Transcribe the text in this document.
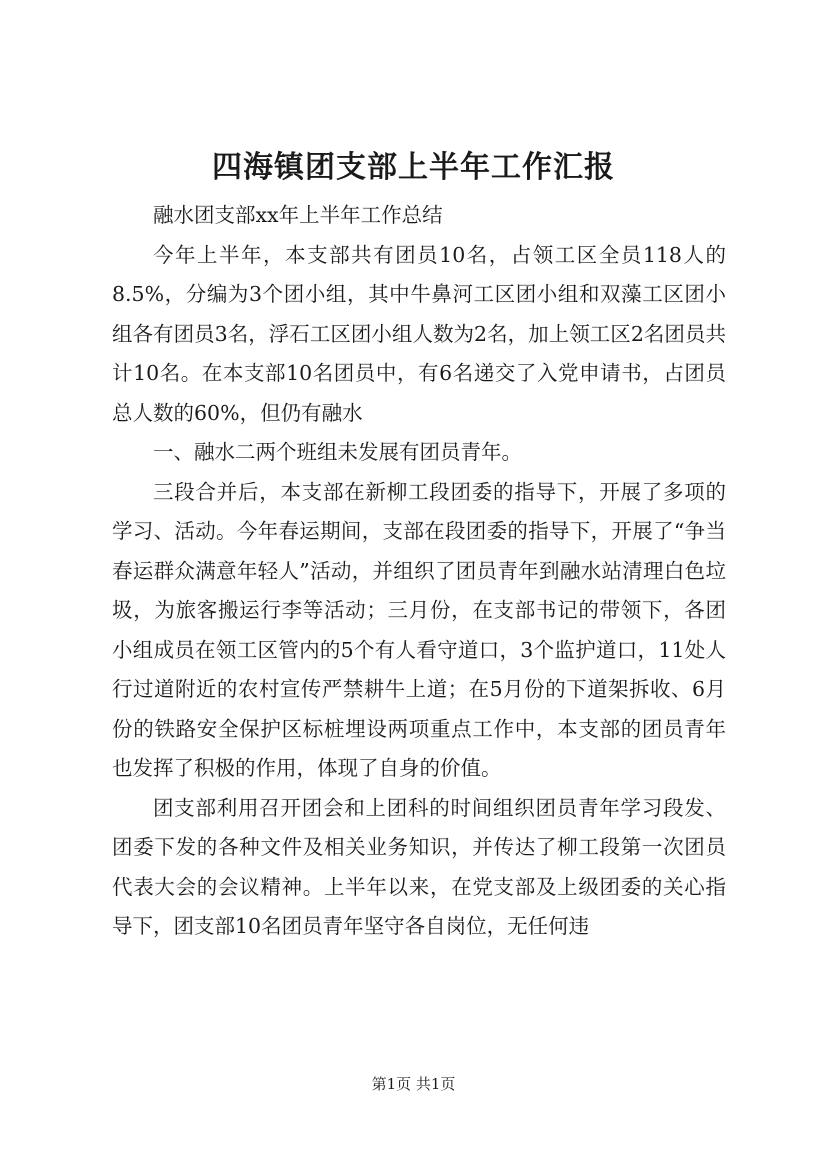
四海镇团支部上半年工作汇报

融水团支部xx年上半年工作总结

今年上半年，本支部共有团员10名，占领工区全员118人的8.5%，分编为3个团小组，其中牛鼻河工区团小组和双藻工区团小组各有团员3名，浮石工区团小组人数为2名，加上领工区2名团员共计10名。在本支部10名团员中，有6名递交了入党申请书，占团员总人数的60%，但仍有融水

一、融水二两个班组未发展有团员青年。

三段合并后，本支部在新柳工段团委的指导下，开展了多项的学习、活动。今年春运期间，支部在段团委的指导下，开展了“争当春运群众满意年轻人”活动，并组织了团员青年到融水站清理白色垃圾，为旅客搬运行李等活动；三月份，在支部书记的带领下，各团小组成员在领工区管内的5个有人看守道口，3个监护道口，11处人行过道附近的农村宣传严禁耕牛上道；在5月份的下道架拆收、6月份的铁路安全保护区标桩埋设两项重点工作中，本支部的团员青年也发挥了积极的作用，体现了自身的价值。

团支部利用召开团会和上团科的时间组织团员青年学习段发、团委下发的各种文件及相关业务知识，并传达了柳工段第一次团员代表大会的会议精神。上半年以来，在党支部及上级团委的关心指导下，团支部10名团员青年坚守各自岗位，无任何违

第1页 共1页
